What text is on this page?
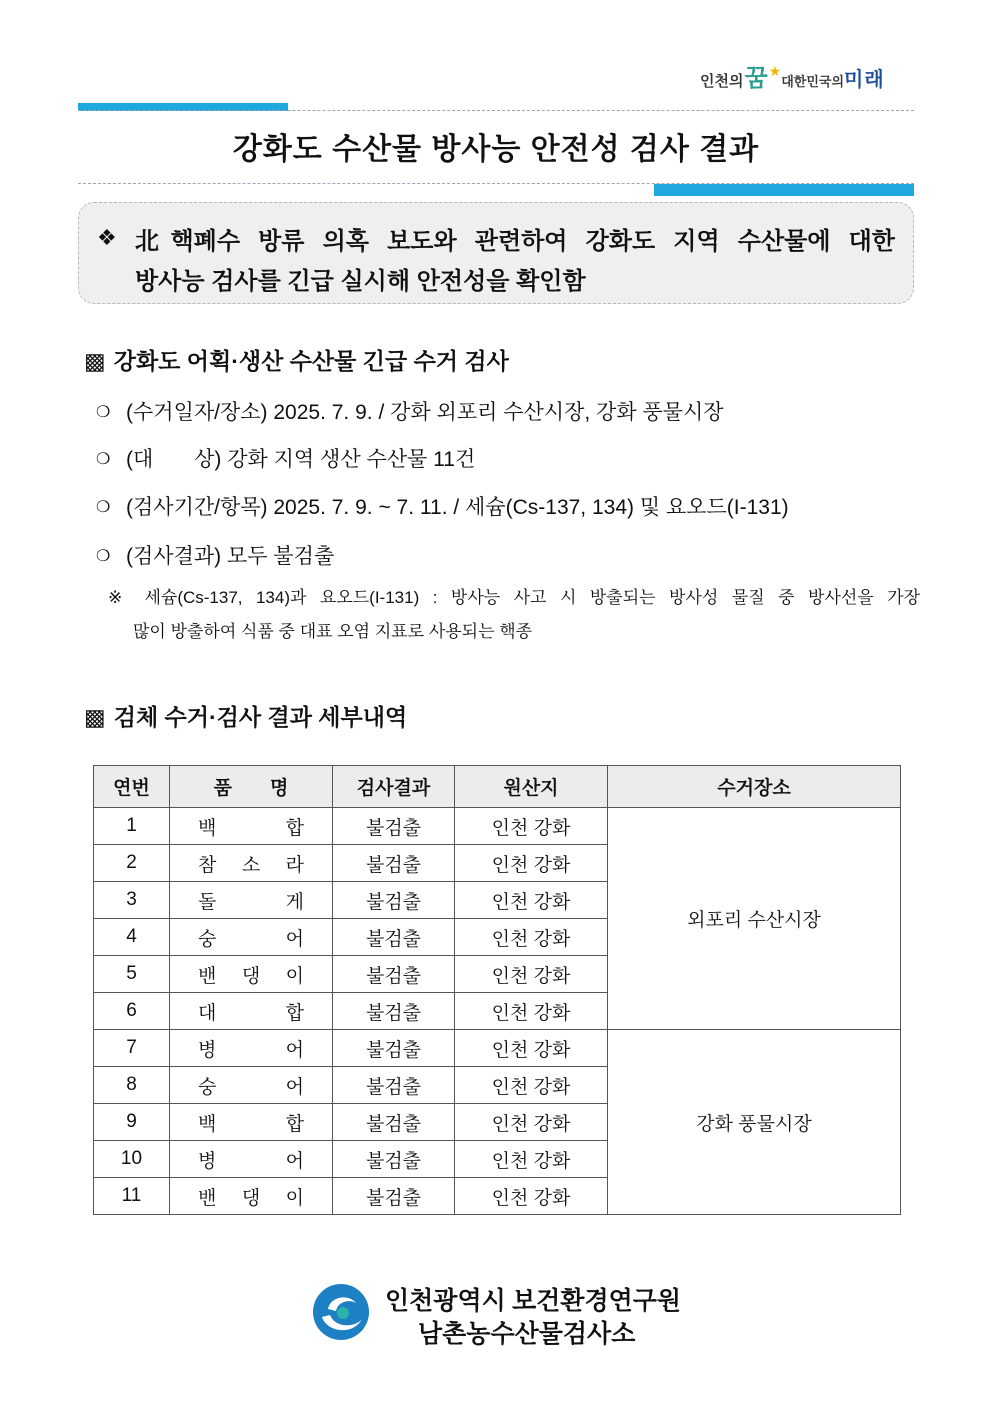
인천의꿈★대한민국의미래
강화도 수산물 방사능 안전성 검사 결과
❖ 北핵폐수 방류 의혹 보도와 관련하여 강화도 지역 수산물에 대한
방사능 검사를 긴급 실시해 안전성을 확인함
▩ 강화도 어획·생산 수산물 긴급 수거 검사
❍ (수거일자/장소) 2025. 7. 9. / 강화 외포리 수산시장, 강화 풍물시장
❍ (대       상) 강화 지역 생산 수산물 11건
❍ (검사기간/항목) 2025. 7. 9. ~ 7. 11. / 세슘(Cs-137, 134) 및 요오드(I-131)
❍ (검사결과) 모두 불검출
※ 세슘(Cs-137, 134)과 요오드(I-131) : 방사능 사고 시 방출되는 방사성 물질 중 방사선을 가장
많이 방출하여 식품 중 대표 오염 지표로 사용되는 핵종
▩ 검체 수거·검사 결과 세부내역
연번	품　　명	검사결과	원산지	수거장소
1	백 합	불검출	인천 강화	외포리 수산시장
2	참 소 라	불검출	인천 강화	
3	돌 게	불검출	인천 강화	
4	숭 어	불검출	인천 강화	
5	밴 댕 이	불검출	인천 강화	
6	대 합	불검출	인천 강화	
7	병 어	불검출	인천 강화	강화 풍물시장
8	숭 어	불검출	인천 강화	
9	백 합	불검출	인천 강화	
10	병 어	불검출	인천 강화	
11	밴 댕 이	불검출	인천 강화	
인천광역시 보건환경연구원
남촌농수산물검사소
